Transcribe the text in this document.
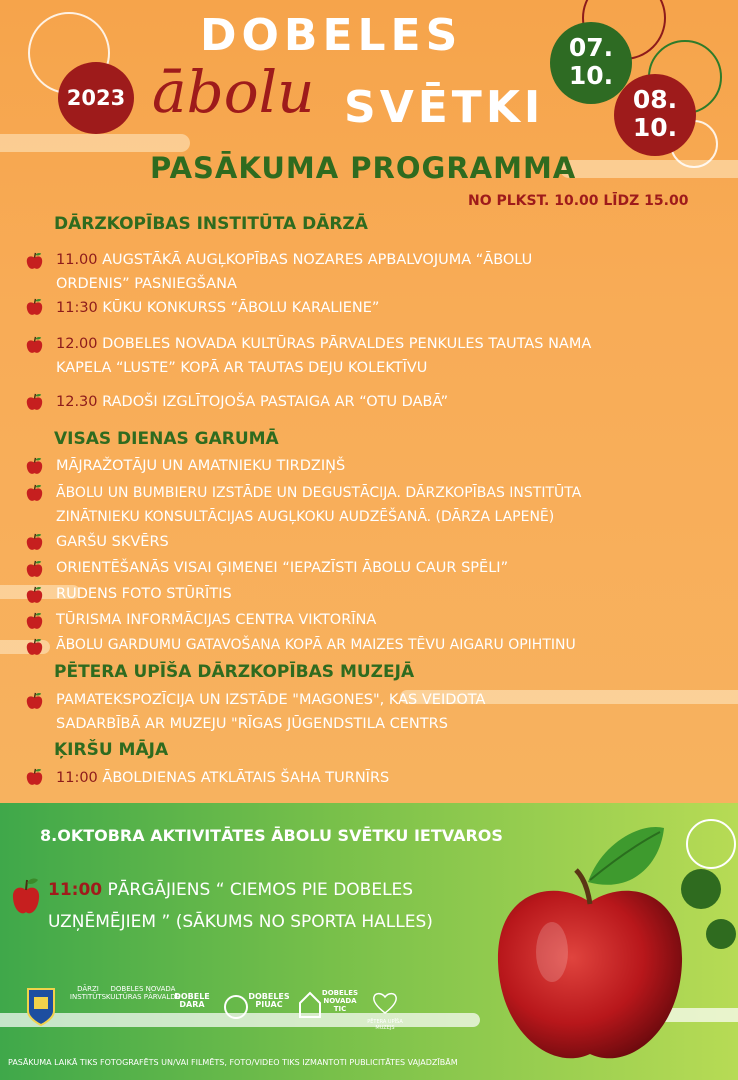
DOBELES
2023 ābolu SVĒTKI
07.
10.
08.
10.
PASĀKUMA PROGRAMMA
NO PLKST. 10.00 LĪDZ 15.00
DĀRZKOPĪBAS INSTITŪTA DĀRZĀ
11.00 AUGSTĀKĀ AUGĻKOPĪBAS NOZARES APBALVOJUMA “ĀBOLU
ORDENIS” PASNIEGŠANA
11:30 KŪKU KONKURSS “ĀBOLU KARALIENE”
12.00 DOBELES NOVADA KULTŪRAS PĀRVALDES PENKULES TAUTAS NAMA
KAPELA “LUSTE” KOPĀ AR TAUTAS DEJU KOLEKTĪVU
12.30 RADOŠI IZGLĪTOJOŠA PASTAIGA AR “OTU DABĀ”
VISAS DIENAS GARUMĀ
MĀJRAŽOTĀJU UN AMATNIEKU TIRDZIŅŠ
ĀBOLU UN BUMBIERU IZSTĀDE UN DEGUSTĀCIJA. DĀRZKOPĪBAS INSTITŪTA
ZINĀTNIEKU KONSULTĀCIJAS AUGĻKOKU AUDZĒŠANĀ. (DĀRZA LAPENĒ)
GARŠU SKVĒRS
ORIENTĒŠANĀS VISAI ĢIMENEI “IEPAZĪSTI ĀBOLU CAUR SPĒLI”
RUDENS FOTO STŪRĪTIS
TŪRISMA INFORMĀCIJAS CENTRA VIKTORĪNA
ĀBOLU GARDUMU GATAVOŠANA KOPĀ AR MAIZES TĒVU AIGARU OPIHTINU
PĒTERA UPĪŠA DĀRZKOPĪBAS MUZEJĀ
PAMATEKSPOZĪCIJA UN IZSTĀDE "MAGONES", KAS VEIDOTA
SADARBĪBĀ AR MUZEJU "RĪGAS JŪGENDSTILA CENTRS
ĶIRŠU MĀJA
11:00 ĀBOLDIENAS ATKLĀTAIS ŠAHA TURNĪRS
8.OKTOBRA AKTIVITĀTES ĀBOLU SVĒTKU IETVAROS
11:00 PĀRGĀJIENS “ CIEMOS PIE DOBELES
UZŅĒMĒJIEM ” (SĀKUMS NO SPORTA HALLES)
DĀRZI
INSTITŪTS
DOBELES NOVADA
KULTŪRAS PĀRVALDE
DOBELE
DARA
DOBELES
PIUAC
DOBELES
NOVADA
TIC
PĒTERA UPĪŠA
MUZEJS
PASĀKUMA LAIKĀ TIKS FOTOGRAFĒTS UN/VAI FILMĒTS, FOTO/VIDEO TIKS IZMANTOTI PUBLICITĀTES VAJADZĪBĀM
